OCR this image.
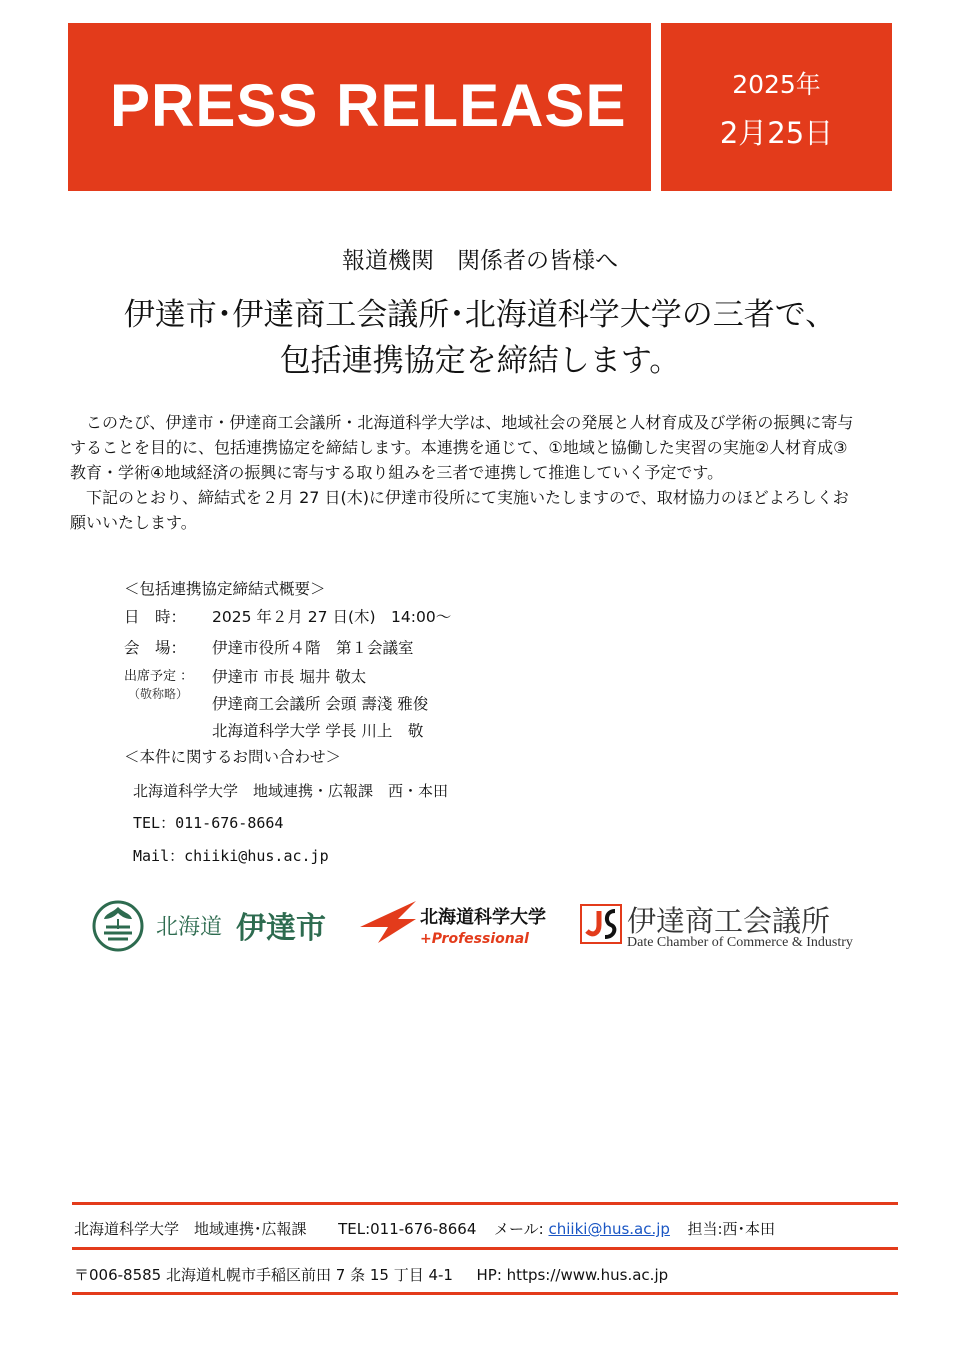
PRESS RELEASE	2025年
2月25日
報道機関　関係者の皆様へ
伊達市･伊達商工会議所･北海道科学大学の三者で、
包括連携協定を締結します。

このたび、伊達市・伊達商工会議所・北海道科学大学は、地域社会の発展と人材育成及び学術の振興に寄与することを目的に、包括連携協定を締結します。本連携を通じて、①地域と協働した実習の実施②人材育成③教育・学術④地域経済の振興に寄与する取り組みを三者で連携して推進していく予定です。

下記のとおり、締結式を２月 27 日(木)に伊達市役所にて実施いたしますので、取材協力のほどよろしくお願いいたします。

＜包括連携協定締結式概要＞
日　時： 2025 年２月 27 日(木)　14:00～
会　場： 伊達市役所４階　第１会議室
出席予定 ： 伊達市 市長 堀井 敬太
（敬称略）
伊達商工会議所 会頭 壽淺 雅俊
北海道科学大学 学長 川上　敬
＜本件に関するお問い合わせ＞
北海道科学大学　地域連携・広報課　西・本田
TEL：011-676-8664
Mail：chiiki@hus.ac.jp
北海道 伊達市	北海道科学大学
+Professional
伊達商工会議所
Date Chamber of Commerce & Industry
北海道科学大学　地域連携･広報課 TEL:011-676-8664 メール: chiiki@hus.ac.jp 担当:西･本田
〒006-8585 北海道札幌市手稲区前田 7 条 15 丁目 4-1 HP: https://www.hus.ac.jp
